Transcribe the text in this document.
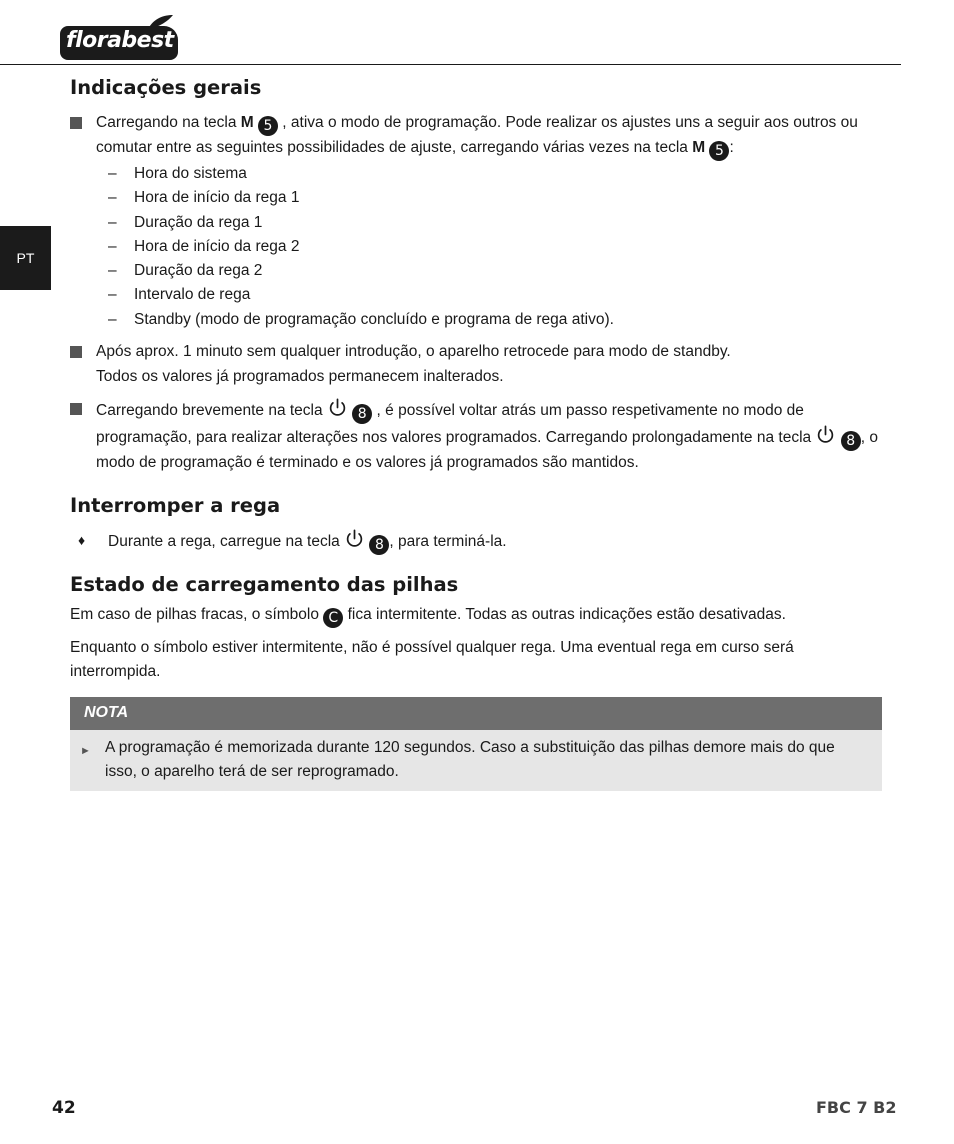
florabest
PT
Indicações gerais
Carregando na tecla M 5 , ativa o modo de programação. Pode realizar os ajustes uns a seguir aos outros ou comutar entre as seguintes possibilidades de ajuste, carregando várias vezes na tecla M 5 :
– Hora do sistema
– Hora de início da rega 1
– Duração da rega 1
– Hora de início da rega 2
– Duração da rega 2
– Intervalo de rega
– Standby (modo de programação concluído e programa de rega ativo).
Após aprox. 1 minuto sem qualquer introdução, o aparelho retrocede para modo de standby.
Todos os valores já programados permanecem inalterados.
Carregando brevemente na tecla
8 , é possível voltar atrás um passo respetivamente no modo de programação, para realizar alterações nos valores programados. Carregando prolongadamente na tecla
8 , o modo de programação é terminado e os valores já programados são mantidos.
Interromper a rega
♦ Durante a rega, carregue na tecla
8 , para terminá-la.
Estado de carregamento das pilhas

Em caso de pilhas fracas, o símbolo C fica intermitente. Todas as outras indicações estão desativadas.

Enquanto o símbolo estiver intermitente, não é possível qualquer rega. Uma eventual rega em curso será interrompida.

NOTA
► A programação é memorizada durante 120 segundos. Caso a substituição das pilhas demore mais do que isso, o aparelho terá de ser reprogramado.
42	FBC 7 B2
